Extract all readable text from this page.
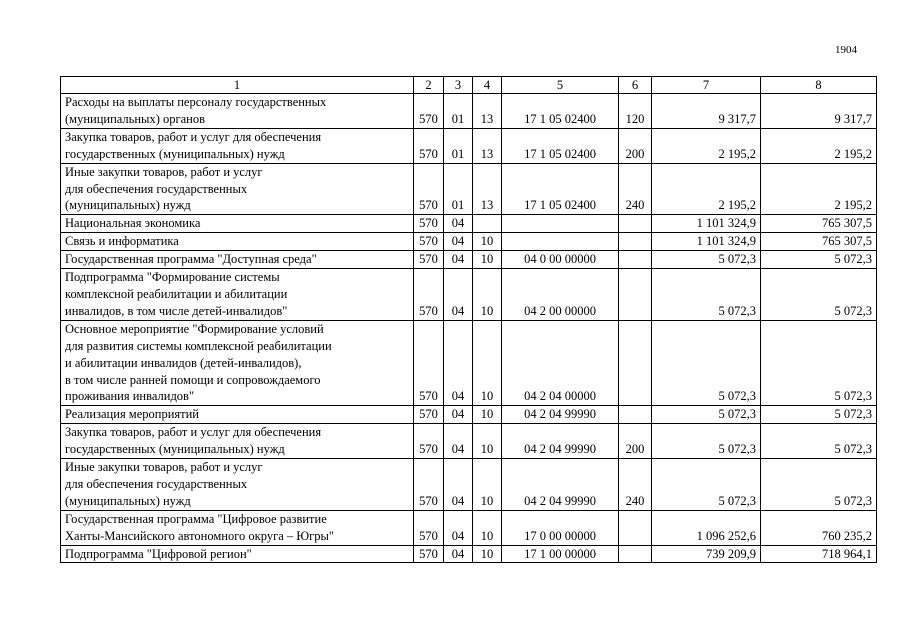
1904
1	2	3	4	5	6	7	8
Расходы на выплаты персоналу государственных
(муниципальных) органов	570	01	13	17 1 05 02400	120	9 317,7	9 317,7
Закупка товаров, работ и услуг для обеспечения
государственных (муниципальных) нужд	570	01	13	17 1 05 02400	200	2 195,2	2 195,2
Иные закупки товаров, работ и услуг
для обеспечения государственных
(муниципальных) нужд	570	01	13	17 1 05 02400	240	2 195,2	2 195,2
Национальная экономика	570	04				1 101 324,9	765 307,5
Связь и информатика	570	04	10			1 101 324,9	765 307,5
Государственная программа "Доступная среда"	570	04	10	04 0 00 00000		5 072,3	5 072,3
Подпрограмма "Формирование системы
комплексной реабилитации и абилитации
инвалидов, в том числе детей-инвалидов"	570	04	10	04 2 00 00000		5 072,3	5 072,3
Основное мероприятие "Формирование условий
для развития системы комплексной реабилитации
и абилитации инвалидов (детей-инвалидов),
в том числе ранней помощи и сопровождаемого
проживания инвалидов"	570	04	10	04 2 04 00000		5 072,3	5 072,3
Реализация мероприятий	570	04	10	04 2 04 99990		5 072,3	5 072,3
Закупка товаров, работ и услуг для обеспечения
государственных (муниципальных) нужд	570	04	10	04 2 04 99990	200	5 072,3	5 072,3
Иные закупки товаров, работ и услуг
для обеспечения государственных
(муниципальных) нужд	570	04	10	04 2 04 99990	240	5 072,3	5 072,3
Государственная программа "Цифровое развитие
Ханты-Мансийского автономного округа – Югры"	570	04	10	17 0 00 00000		1 096 252,6	760 235,2
Подпрограмма "Цифровой регион"	570	04	10	17 1 00 00000		739 209,9	718 964,1
